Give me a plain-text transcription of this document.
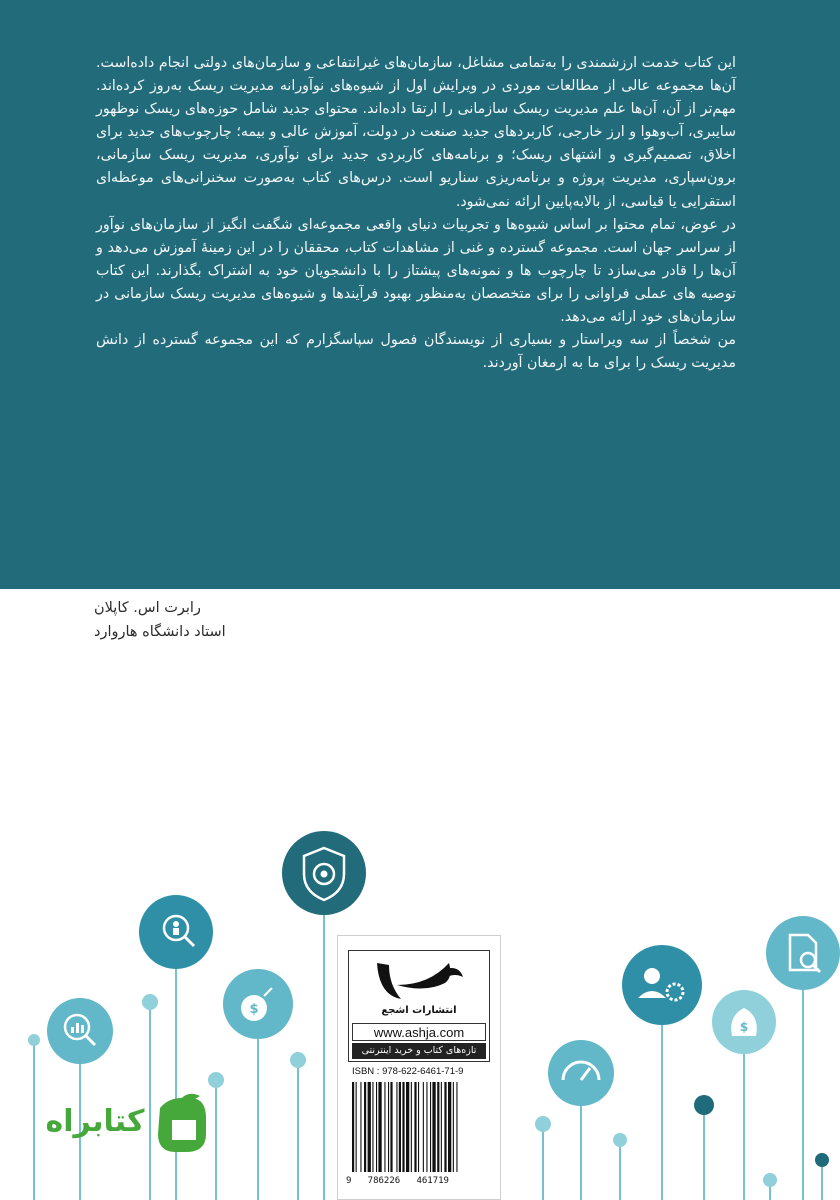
این کتاب خدمت ارزشمندی را به‌تمامی مشاغل، سازمان‌های غیرانتفاعی و سازمان‌های دولتی انجام داده‌است. آن‌ها مجموعه عالی از مطالعات موردی در ویرایش اول از شیوه‌های نوآورانه مدیریت ریسک به‌روز کرده‌اند. مهم‌تر از آن، آن‌ها علم مدیریت ریسک سازمانی را ارتقا داده‌اند. محتوای جدید شامل حوزه‌های ریسک نوظهور سایبری، آب‌وهوا و ارز خارجی، کاربردهای جدید صنعت در دولت، آموزش عالی و بیمه؛ چارچوب‌های جدید برای اخلاق، تصمیم‌گیری و اشتهای ریسک؛ و برنامه‌های کاربردی جدید برای نوآوری، مدیریت ریسک سازمانی، برون‌سپاری، مدیریت پروژه و برنامه‌ریزی سناریو است. درس‌های کتاب به‌صورت سخنرانی‌های موعظه‌ای استقرایی یا قیاسی، از بالابه‌پایین ارائه نمی‌شود.

در عوض، تمام محتوا بر اساس شیوه‌ها و تجربیات دنیای واقعی مجموعه‌ای شگفت انگیز از سازمان‌های نوآور از سراسر جهان است. مجموعه گسترده و غنی از مشاهدات کتاب، محققان را در این زمینهٔ آموزش می‌دهد و آن‌ها را قادر می‌سازد تا چارچوب ها و نمونه‌های پیشتاز را با دانشجویان خود به اشتراک بگذارند. این کتاب توصیه های عملی فراوانی را برای متخصصان به‌منظور بهبود فرآیندها و شیوه‌های مدیریت ریسک سازمانی در سازمان‌های خود ارائه می‌دهد.

من شخصاً از سه ویراستار و بسیاری از نویسندگان فصول سپاسگزارم که این مجموعه گسترده از دانش مدیریت ریسک را برای ما به ارمغان آوردند.

رابرت اس. کاپلان
استاد دانشگاه هاروارد
$
$
انتشارات اشجع
www.ashja.com
تازه‌های کتاب و خرید اینترنتی
ISBN : 978-622-6461-71-9
9   786226   461719
کتابراه
